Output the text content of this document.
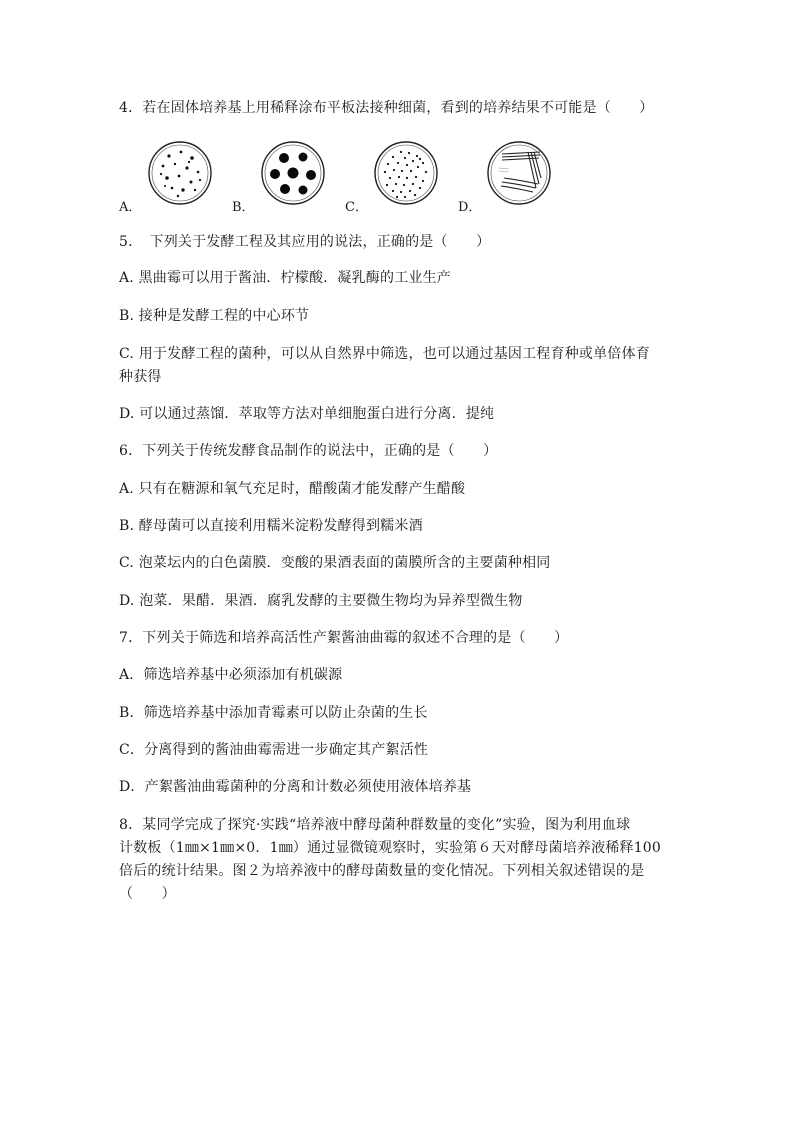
4．若在固体培养基上用稀释涂布平板法接种细菌，看到的培养结果不可能是（　　）
A．	B．	C．	D．
5．　下列关于发酵工程及其应用的说法，正确的是（　　）
A. 黑曲霉可以用于酱油．柠檬酸．凝乳酶的工业生产
B. 接种是发酵工程的中心环节
C. 用于发酵工程的菌种，可以从自然界中筛选，也可以通过基因工程育种或单倍体育
种获得
D. 可以通过蒸馏．萃取等方法对单细胞蛋白进行分离．提纯
6．下列关于传统发酵食品制作的说法中，正确的是（　　）
A. 只有在糖源和氧气充足时，醋酸菌才能发酵产生醋酸
B. 酵母菌可以直接利用糯米淀粉发酵得到糯米酒
C. 泡菜坛内的白色菌膜．变酸的果酒表面的菌膜所含的主要菌种相同
D. 泡菜．果醋．果酒．腐乳发酵的主要微生物均为异养型微生物
7．下列关于筛选和培养高活性产絮酱油曲霉的叙述不合理的是（　　）
A．筛选培养基中必须添加有机碳源
B．筛选培养基中添加青霉素可以防止杂菌的生长
C．分离得到的酱油曲霉需进一步确定其产絮活性
D．产絮酱油曲霉菌种的分离和计数必须使用液体培养基
8．某同学完成了探究·实践“培养液中酵母菌种群数量的变化”实验，图为利用血球
计数板（1㎜×1㎜×0．1㎜）通过显微镜观察时，实验第６天对酵母菌培养液稀释100
倍后的统计结果。图２为培养液中的酵母菌数量的变化情况。下列相关叙述错误的是
（　　）
